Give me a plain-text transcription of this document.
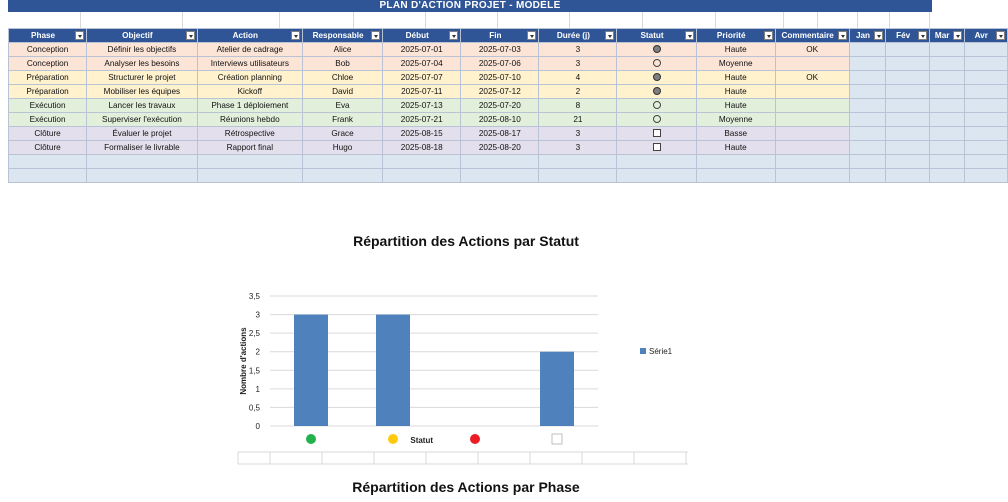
PLAN D'ACTION PROJET - MODÈLE
Phase	Objectif	Action	Responsable	Début	Fin	Durée (j)	Statut	Priorité	Commentaire	Jan	Fév	Mar	Avr

Conception	Définir les objectifs	Atelier de cadrage	Alice	2025-07-01	2025-07-03	3		Haute	OK				
Conception	Analyser les besoins	Interviews utilisateurs	Bob	2025-07-04	2025-07-06	3		Moyenne					
Préparation	Structurer le projet	Création planning	Chloe	2025-07-07	2025-07-10	4		Haute	OK				
Préparation	Mobiliser les équipes	Kickoff	David	2025-07-11	2025-07-12	2		Haute					
Exécution	Lancer les travaux	Phase 1 déploiement	Eva	2025-07-13	2025-07-20	8		Haute					
Exécution	Superviser l'exécution	Réunions hebdo	Frank	2025-07-21	2025-08-10	21		Moyenne					
Clôture	Évaluer le projet	Rétrospective	Grace	2025-08-15	2025-08-17	3		Basse					
Clôture	Formaliser le livrable	Rapport final	Hugo	2025-08-18	2025-08-20	3		Haute					

Répartition des Actions par Statut
0
0,5
1
1,5
2
2,5
3
3,5
Statut
Nombre d'actions	Série1
Répartition des Actions par Phase
